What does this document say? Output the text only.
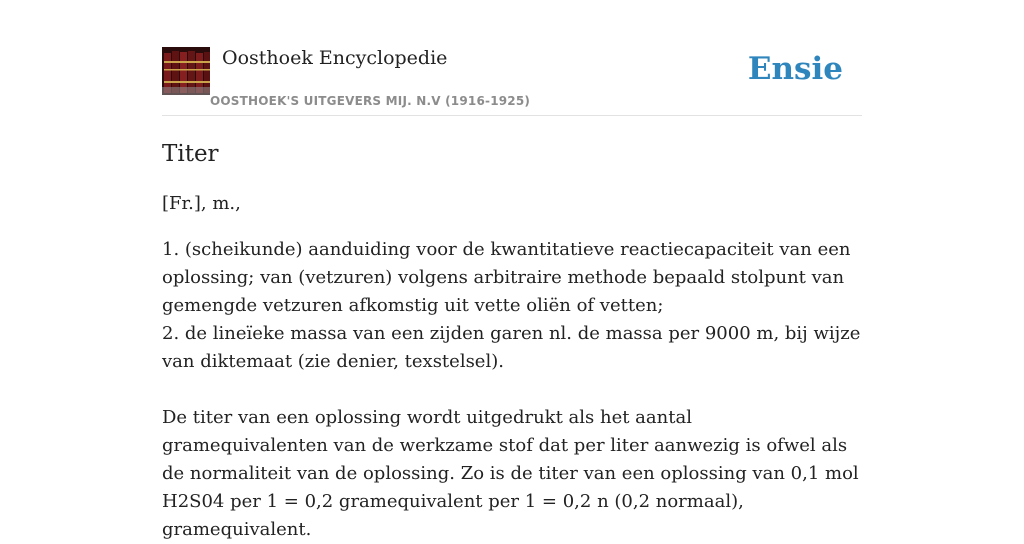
Oosthoek Encyclopedie
OOSTHOEK'S UITGEVERS MIJ. N.V (1916-1925)
Ensie
Titer
[Fr.], m.,
1. (scheikunde) aanduiding voor de kwantitatieve reactiecapaciteit van een oplossing; van (vetzuren) volgens arbitraire methode bepaald stolpunt van gemengde vetzuren afkomstig uit vette oliën of vetten;
2. de lineïeke massa van een zijden garen nl. de massa per 9000 m, bij wijze van diktemaat (zie denier, texstelsel).

De titer van een oplossing wordt uitgedrukt als het aantal gramequivalenten van de werkzame stof dat per liter aanwezig is ofwel als de normaliteit van de oplossing. Zo is de titer van een oplossing van 0,1 mol H2S04 per 1 = 0,2 gramequivalent per 1 = 0,2 n (0,2 normaal), gramequivalent.
